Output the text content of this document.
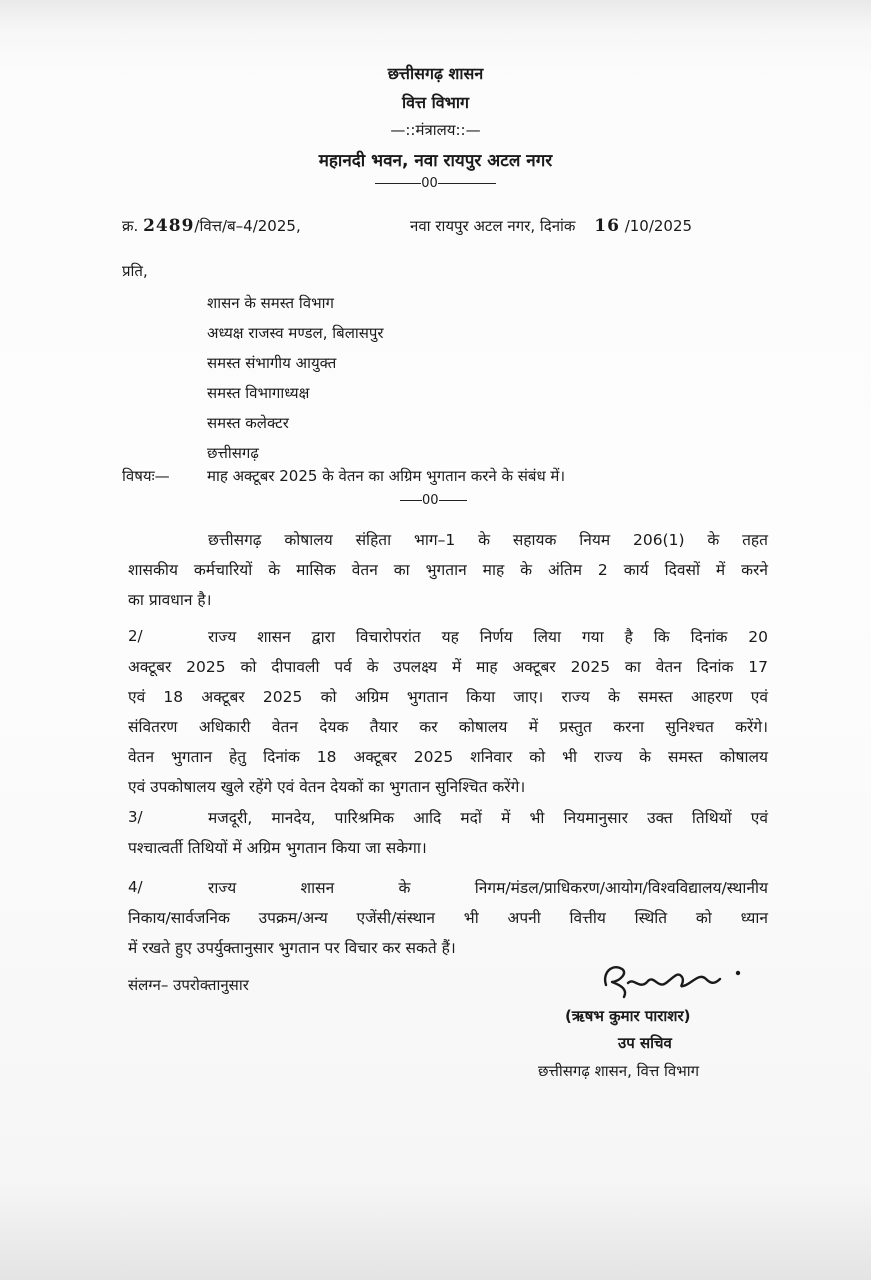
छत्तीसगढ़ शासन
वित्त विभाग
—::मंत्रालय::—
महानदी भवन, नवा रायपुर अटल नगर
00
क्र. 2489/वित्त/ब–4/2025,	नवा रायपुर अटल नगर, दिनांक 16 /10/2025
प्रति,
शासन के समस्त विभाग
अध्यक्ष राजस्व मण्डल, बिलासपुर
समस्त संभागीय आयुक्त
समस्त विभागाध्यक्ष
समस्त कलेक्टर
छत्तीसगढ़
विषयः— माह अक्टूबर 2025 के वेतन का अग्रिम भुगतान करने के संबंध में।
00
छत्तीसगढ़ कोषालय संहिता भाग–1 के सहायक नियम 206(1) के तहत
शासकीय कर्मचारियों के मासिक वेतन का भुगतान माह के अंतिम 2 कार्य दिवसों में करने
का प्रावधान है।
2/	राज्य शासन द्वारा विचारोपरांत यह निर्णय लिया गया है कि दिनांक 20
अक्टूबर 2025 को दीपावली पर्व के उपलक्ष्य में माह अक्टूबर 2025 का वेतन दिनांक 17
एवं 18 अक्टूबर 2025 को अग्रिम भुगतान किया जाए। राज्य के समस्त आहरण एवं
संवितरण अधिकारी वेतन देयक तैयार कर कोषालय में प्रस्तुत करना सुनिश्चत करेंगे।
वेतन भुगतान हेतु दिनांक 18 अक्टूबर 2025 शनिवार को भी राज्य के समस्त कोषालय
एवं उपकोषालय खुले रहेंगे एवं वेतन देयकों का भुगतान सुनिश्चित करेंगे।
3/	मजदूरी, मानदेय, पारिश्रमिक आदि मदों में भी नियमानुसार उक्त तिथियों एवं
पश्चात्वर्ती तिथियों में अग्रिम भुगतान किया जा सकेगा।
4/	राज्य शासन के निगम/मंडल/प्राधिकरण/आयोग/विश्वविद्यालय/स्थानीय
निकाय/सार्वजनिक उपक्रम/अन्य एजेंसी/संस्थान भी अपनी वित्तीय स्थिति को ध्यान
में रखते हुए उपर्युक्तानुसार भुगतान पर विचार कर सकते हैं।
संलग्न– उपरोक्तानुसार
(ऋषभ कुमार पाराशर)
उप सचिव
छत्तीसगढ़ शासन, वित्त विभाग
